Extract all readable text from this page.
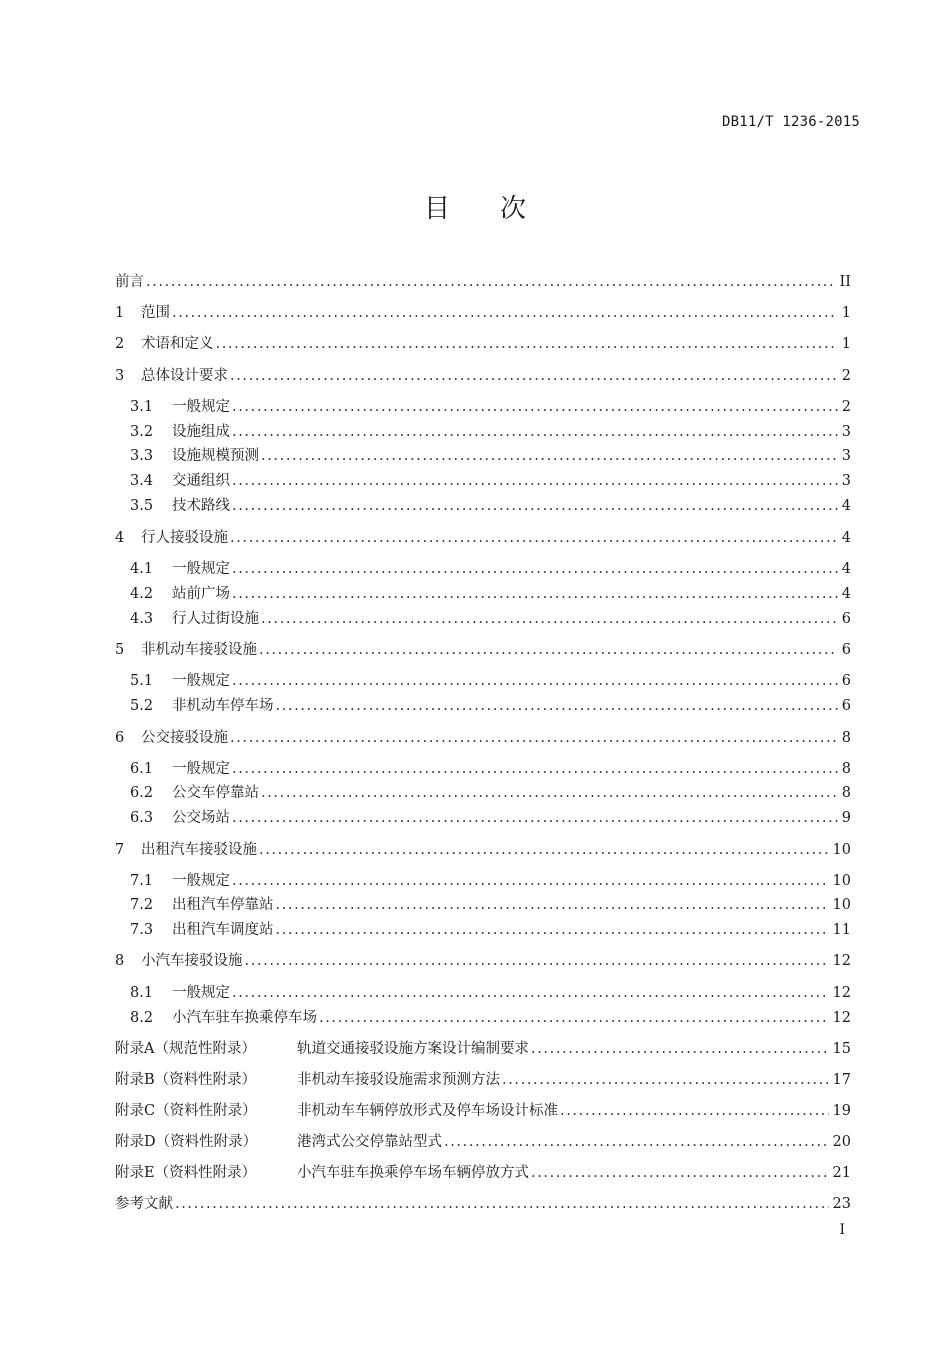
DB11/T 1236-2015
目 次
前言 .....	II
1	范围 .....	1
2	术语和定义 .....	1
3	总体设计要求 .....	2
3.1	一般规定 .....	2
3.2	设施组成 .....	3
3.3	设施规模预测 .....	3
3.4	交通组织 .....	3
3.5	技术路线 .....	4
4	行人接驳设施 .....	4
4.1	一般规定 .....	4
4.2	站前广场 .....	4
4.3	行人过街设施 .....	6
5	非机动车接驳设施 .....	6
5.1	一般规定 .....	6
5.2	非机动车停车场 .....	6
6	公交接驳设施 .....	8
6.1	一般规定 .....	8
6.2	公交车停靠站 .....	8
6.3	公交场站 .....	9
7	出租汽车接驳设施 .....	10
7.1	一般规定 .....	10
7.2	出租汽车停靠站 .....	10
7.3	出租汽车调度站 .....	11
8	小汽车接驳设施 .....	12
8.1	一般规定 .....	12
8.2	小汽车驻车换乘停车场 .....	12
附录A（规范性附录）	轨道交通接驳设施方案设计编制要求 .....	15
附录B（资料性附录）	非机动车接驳设施需求预测方法 .....	17
附录C（资料性附录）	非机动车车辆停放形式及停车场设计标准 .....	19
附录D（资料性附录）	港湾式公交停靠站型式 .....	20
附录E（资料性附录）	小汽车驻车换乘停车场车辆停放方式 .....	21
参考文献 .....	23
I
